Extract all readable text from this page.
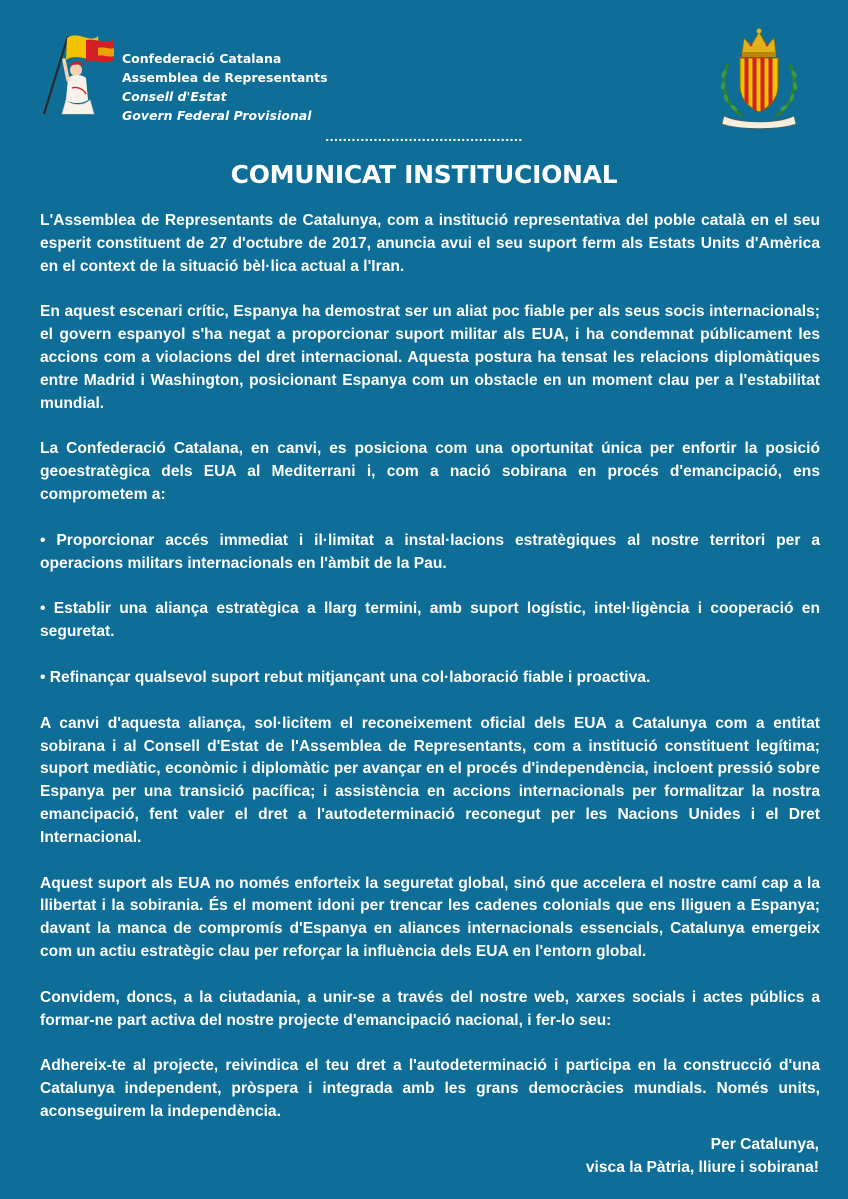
Confederació Catalana
Assemblea de Representants
Consell d'Estat
Govern Federal Provisional
.............................................
COMUNICAT INSTITUCIONAL

L'Assemblea de Representants de Catalunya, com a institució representativa del poble català en el seu esperit constituent de 27 d'octubre de 2017, anuncia avui el seu suport ferm als Estats Units d'Amèrica en el context de la situació bèl·lica actual a l'Iran.

En aquest escenari crític, Espanya ha demostrat ser un aliat poc fiable per als seus socis internacionals; el govern espanyol s'ha negat a proporcionar suport militar als EUA, i ha condemnat públicament les accions com a violacions del dret internacional. Aquesta postura ha tensat les relacions diplomàtiques entre Madrid i Washington, posicionant Espanya com un obstacle en un moment clau per a l'estabilitat mundial.

La Confederació Catalana, en canvi, es posiciona com una oportunitat única per enfortir la posició geoestratègica dels EUA al Mediterrani i, com a nació sobirana en procés d'emancipació, ens comprometem a:

• Proporcionar accés immediat i il·limitat a instal·lacions estratègiques al nostre territori per a operacions militars internacionals en l'àmbit de la Pau.

• Establir una aliança estratègica a llarg termini, amb suport logístic, intel·ligència i cooperació en seguretat.

• Refinançar qualsevol suport rebut mitjançant una col·laboració fiable i proactiva.

A canvi d'aquesta aliança, sol·licitem el reconeixement oficial dels EUA a Catalunya com a entitat sobirana i al Consell d'Estat de l'Assemblea de Representants, com a institució constituent legítima; suport mediàtic, econòmic i diplomàtic per avançar en el procés d'independència, incloent pressió sobre Espanya per una transició pacífica; i assistència en accions internacionals per formalitzar la nostra emancipació, fent valer el dret a l'autodeterminació reconegut per les Nacions Unides i el Dret Internacional.

Aquest suport als EUA no només enforteix la seguretat global, sinó que accelera el nostre camí cap a la llibertat i la sobirania. És el moment idoni per trencar les cadenes colonials que ens lliguen a Espanya; davant la manca de compromís d'Espanya en aliances internacionals essencials, Catalunya emergeix com un actiu estratègic clau per reforçar la influència dels EUA en l'entorn global.

Convidem, doncs, a la ciutadania, a unir-se a través del nostre web, xarxes socials i actes públics a formar-ne part activa del nostre projecte d'emancipació nacional, i fer-lo seu:

Adhereix-te al projecte, reivindica el teu dret a l'autodeterminació i participa en la construcció d'una Catalunya independent, pròspera i integrada amb les grans democràcies mundials. Només units, aconseguirem la independència.

Per Catalunya,
visca la Pàtria, lliure i sobirana!
